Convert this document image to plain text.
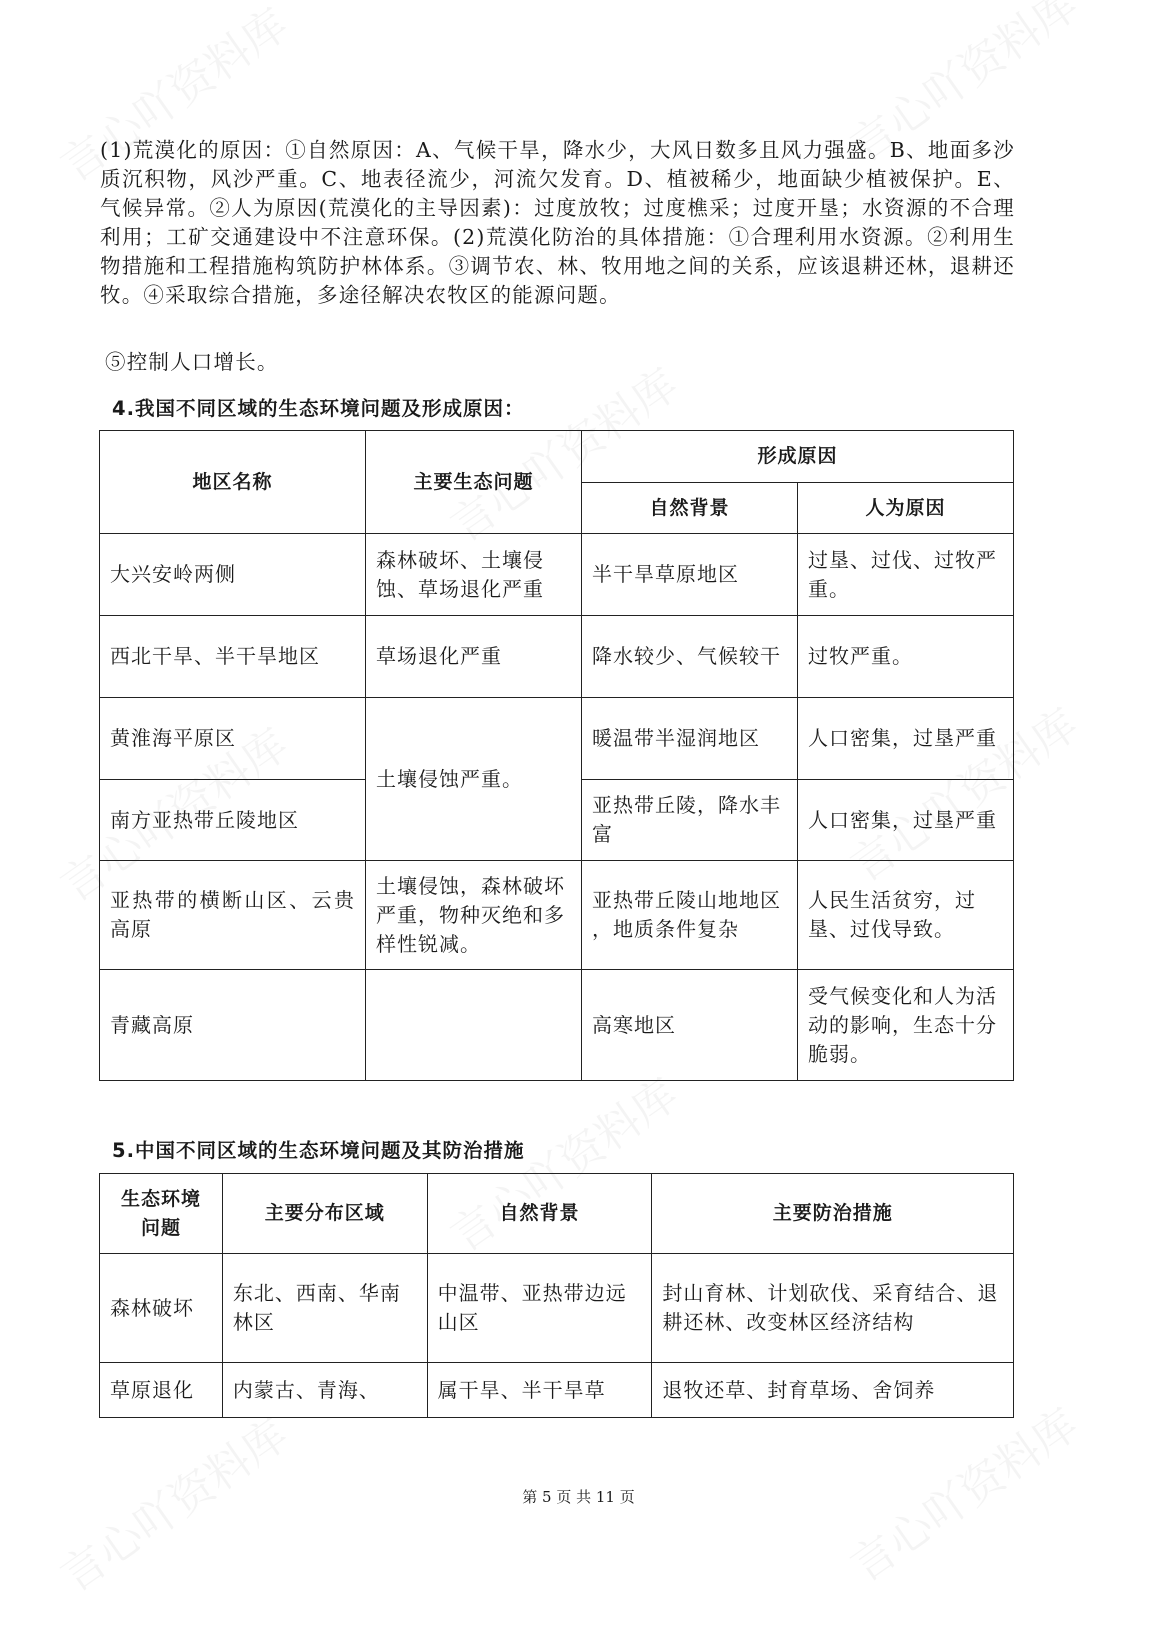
(1)荒漠化的原因：①自然原因：A、气候干旱，降水少，大风日数多且风力强盛。B、地面多沙质沉积物，风沙严重。C、地表径流少，河流欠发育。D、植被稀少，地面缺少植被保护。E、气候异常。②人为原因(荒漠化的主导因素)：过度放牧；过度樵采；过度开垦；水资源的不合理利用；工矿交通建设中不注意环保。(2)荒漠化防治的具体措施：①合理利用水资源。②利用生物措施和工程措施构筑防护林体系。③调节农、林、牧用地之间的关系，应该退耕还林，退耕还牧。④采取综合措施，多途径解决农牧区的能源问题。
⑤控制人口增长。
4.我国不同区域的生态环境问题及形成原因：
地区名称	主要生态问题	形成原因	
		自然背景	人为原因
大兴安岭两侧	森林破坏、土壤侵蚀、草场退化严重	半干旱草原地区	过垦、过伐、过牧严重。
西北干旱、半干旱地区	草场退化严重	降水较少、气候较干	过牧严重。
黄淮海平原区	土壤侵蚀严重。	暖温带半湿润地区	人口密集，过垦严重
南方亚热带丘陵地区		亚热带丘陵，降水丰富	人口密集，过垦严重
亚热带的横断山区、云贵高原	土壤侵蚀，森林破坏严重，物种灭绝和多样性锐减。	亚热带丘陵山地地区 ，地质条件复杂	人民生活贫穷，过垦、过伐导致。
青藏高原		高寒地区	受气候变化和人为活动的影响，生态十分脆弱。
5.中国不同区域的生态环境问题及其防治措施
生态环境问题	主要分布区域	自然背景	主要防治措施
森林破坏	东北、西南、华南林区	中温带、亚热带边远山区	封山育林、计划砍伐、采育结合、退耕还林、改变林区经济结构
草原退化	内蒙古、青海、	属干旱、半干旱草	退牧还草、封育草场、舍饲养
第 5 页 共 11 页
